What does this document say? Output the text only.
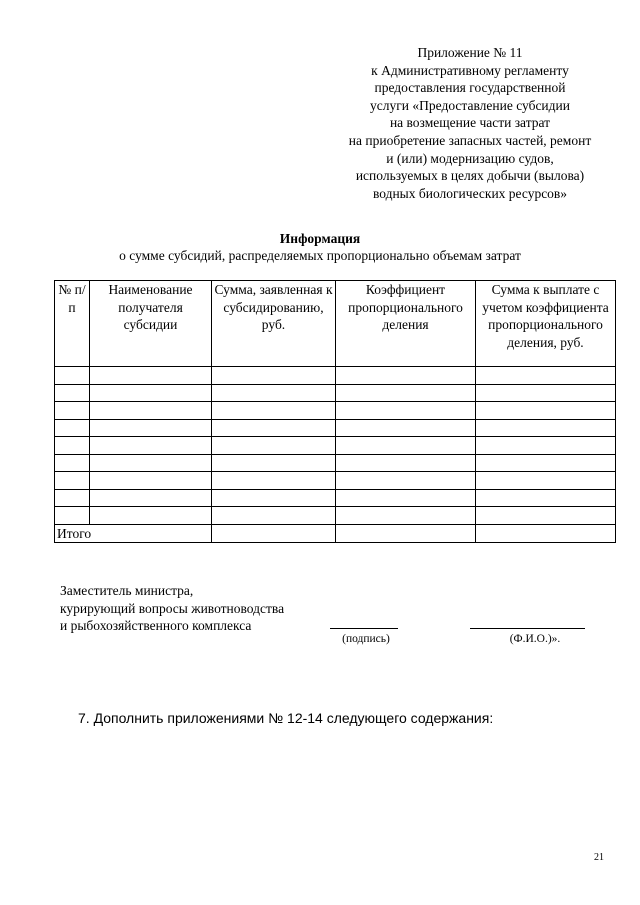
Приложение № 11
к Административному регламенту
предоставления государственной
услуги «Предоставление субсидии
на возмещение части затрат
на приобретение запасных частей, ремонт
и (или) модернизацию судов,
используемых в целях добычи (вылова)
водных биологических ресурсов»
Информация
о сумме субсидий, распределяемых пропорционально объемам затрат
№ п/п	Наименование получателя субсидии	Сумма, заявленная к субсидированию, руб.	Коэффициент пропорционального деления	Сумма к выплате с учетом коэффициента пропорционального деления, руб.

Итого				
Заместитель министра,
курирующий вопросы животноводства
и рыбохозяйственного комплекса
(подпись)	(Ф.И.О.)».
7. Дополнить приложениями № 12-14 следующего содержания:
21
